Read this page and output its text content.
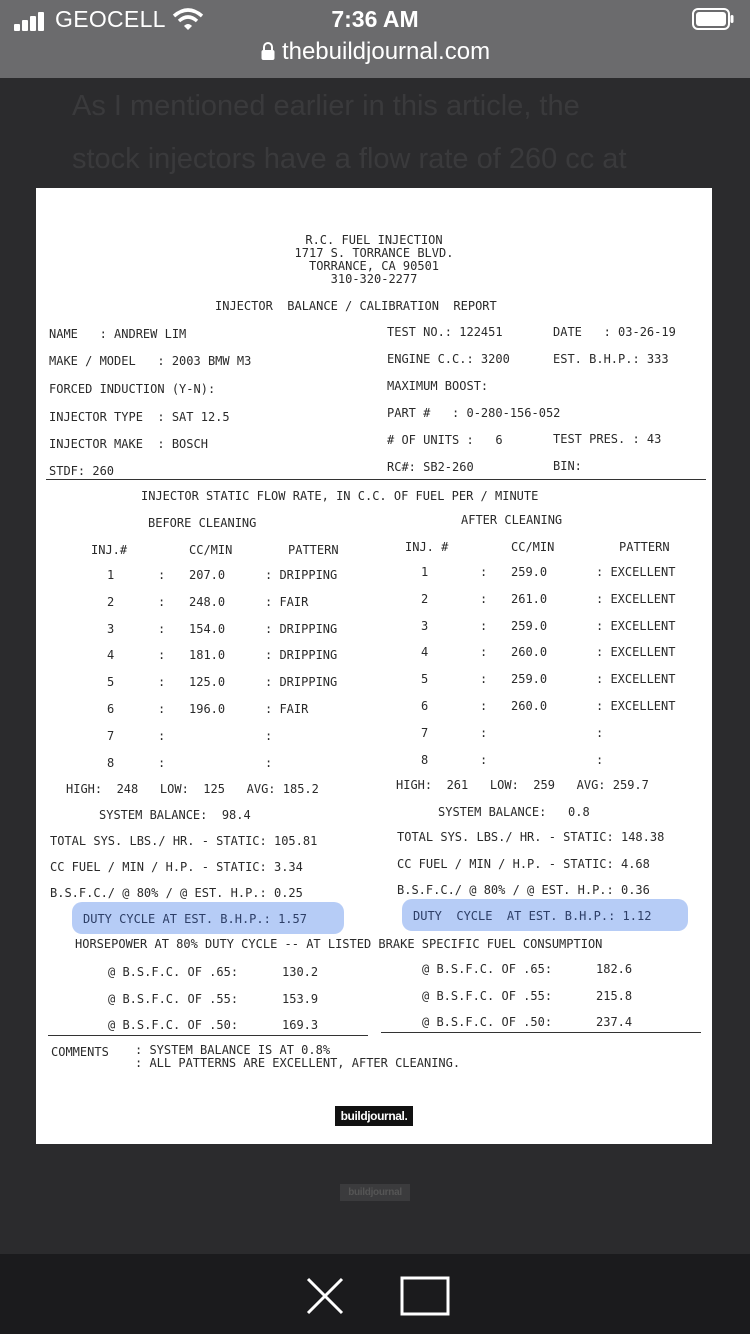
GEOCELL	7:36 AM
thebuildjournal.com
As I mentioned earlier in this article, the
stock injectors have a flow rate of 260 cc at
buildjournal
R.C. FUEL INJECTION
1717 S. TORRANCE BLVD.
TORRANCE, CA 90501
310-320-2277
INJECTOR  BALANCE / CALIBRATION  REPORT
NAME   : ANDREW LIM
MAKE / MODEL   : 2003 BMW M3
FORCED INDUCTION (Y-N):
INJECTOR TYPE  : SAT 12.5
INJECTOR MAKE  : BOSCH
STDF: 260
TEST NO.: 122451	DATE   : 03-26-19
ENGINE C.C.: 3200	EST. B.H.P.: 333
MAXIMUM BOOST:
PART #   : 0-280-156-052
# OF UNITS :   6	TEST PRES. : 43
RC#: SB2-260	BIN:
INJECTOR STATIC FLOW RATE, IN C.C. OF FUEL PER / MINUTE
BEFORE CLEANING	AFTER CLEANING
INJ.#	CC/MIN	PATTERN	INJ. #	CC/MIN	PATTERN
1	: 207.0	: DRIPPING
2	: 248.0	: FAIR
3	: 154.0	: DRIPPING
4	: 181.0	: DRIPPING
5	: 125.0	: DRIPPING
6	: 196.0	: FAIR
7	:	:
8	:	:
1	: 259.0	: EXCELLENT
2	: 261.0	: EXCELLENT
3	: 259.0	: EXCELLENT
4	: 260.0	: EXCELLENT
5	: 259.0	: EXCELLENT
6	: 260.0	: EXCELLENT
7	:	:
8	:	:
HIGH:  248   LOW:  125   AVG: 185.2	HIGH:  261   LOW:  259   AVG: 259.7
SYSTEM BALANCE:  98.4	SYSTEM BALANCE:   0.8
TOTAL SYS. LBS./ HR. - STATIC: 105.81	TOTAL SYS. LBS./ HR. - STATIC: 148.38
CC FUEL / MIN / H.P. - STATIC: 3.34	CC FUEL / MIN / H.P. - STATIC: 4.68
B.S.F.C./ @ 80% / @ EST. H.P.: 0.25	B.S.F.C./ @ 80% / @ EST. H.P.: 0.36
DUTY CYCLE AT EST. B.H.P.: 1.57	DUTY  CYCLE  AT EST. B.H.P.: 1.12
HORSEPOWER AT 80% DUTY CYCLE -- AT LISTED BRAKE SPECIFIC FUEL CONSUMPTION
@ B.S.F.C. OF .65:	130.2
@ B.S.F.C. OF .55:	153.9
@ B.S.F.C. OF .50:	169.3
@ B.S.F.C. OF .65:	182.6
@ B.S.F.C. OF .55:	215.8
@ B.S.F.C. OF .50:	237.4
COMMENTS : SYSTEM BALANCE IS AT 0.8%
: ALL PATTERNS ARE EXCELLENT, AFTER CLEANING.
buildjournal.
